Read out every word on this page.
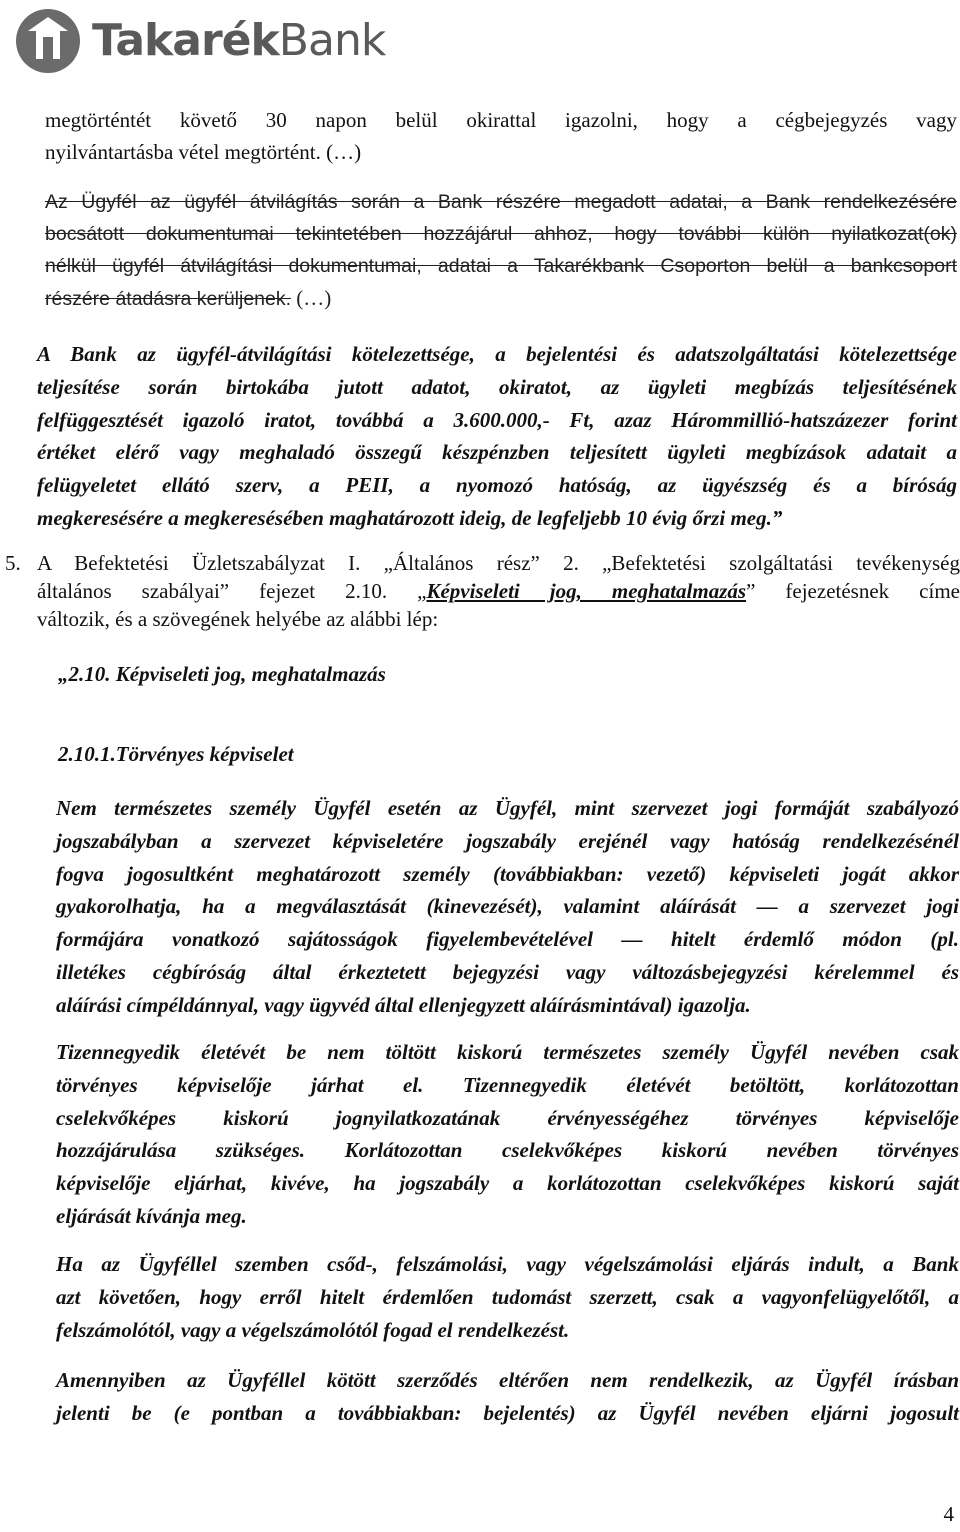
TakarékBank
megtörténtét követő 30 napon belül okirattal igazolni, hogy a cégbejegyzés vagy
nyilvántartásba vétel megtörtént. (…)
Az Ügyfél az ügyfél átvilágítás során a Bank részére megadott adatai, a Bank rendelkezésére
bocsátott dokumentumai tekintetében hozzájárul ahhoz, hogy további külön nyilatkozat(ok)
nélkül ügyfél átvilágítási dokumentumai, adatai a Takarékbank Csoporton belül a bankcsoport
részére átadásra kerüljenek. (…)
A Bank az ügyfél-átvilágítási kötelezettsége, a bejelentési és adatszolgáltatási kötelezettsége
teljesítése során birtokába jutott adatot, okiratot, az ügyleti megbízás teljesítésének
felfüggesztését igazoló iratot, továbbá a 3.600.000,- Ft, azaz Hárommillió-hatszázezer forint
értéket elérő vagy meghaladó összegű készpénzben teljesített ügyleti megbízások adatait a
felügyeletet ellátó szerv, a PEII, a nyomozó hatóság, az ügyészség és a bíróság
megkeresésére a megkeresésében maghatározott ideig, de legfeljebb 10 évig őrzi meg.”
5. A Befektetési Üzletszabályzat I. „Általános rész” 2. „Befektetési szolgáltatási tevékenység
általános szabályai” fejezet 2.10. „Képviseleti jog, meghatalmazás” fejezetésnek címe
változik, és a szövegének helyébe az alábbi lép:
„2.10. Képviseleti jog, meghatalmazás
2.10.1.Törvényes képviselet
Nem természetes személy Ügyfél esetén az Ügyfél, mint szervezet jogi formáját szabályozó
jogszabályban a szervezet képviseletére jogszabály erejénél vagy hatóság rendelkezésénél
fogva jogosultként meghatározott személy (továbbiakban: vezető) képviseleti jogát akkor
gyakorolhatja, ha a megválasztását (kinevezését), valamint aláírását — a szervezet jogi
formájára vonatkozó sajátosságok figyelembevételével — hitelt érdemlő módon (pl.
illetékes cégbíróság által érkeztetett bejegyzési vagy változásbejegyzési kérelemmel és
aláírási címpéldánnyal, vagy ügyvéd által ellenjegyzett aláírásmintával) igazolja.
Tizennegyedik életévét be nem töltött kiskorú természetes személy Ügyfél nevében csak
törvényes képviselője járhat el. Tizennegyedik életévét betöltött, korlátozottan
cselekvőképes kiskorú jognyilatkozatának érvényességéhez törvényes képviselője
hozzájárulása szükséges. Korlátozottan cselekvőképes kiskorú nevében törvényes
képviselője eljárhat, kivéve, ha jogszabály a korlátozottan cselekvőképes kiskorú saját
eljárását kívánja meg.
Ha az Ügyféllel szemben csőd-, felszámolási, vagy végelszámolási eljárás indult, a Bank
azt követően, hogy erről hitelt érdemlően tudomást szerzett, csak a vagyonfelügyelőtől, a
felszámolótól, vagy a végelszámolótól fogad el rendelkezést.
Amennyiben az Ügyféllel kötött szerződés eltérően nem rendelkezik, az Ügyfél írásban
jelenti be (e pontban a továbbiakban: bejelentés) az Ügyfél nevében eljárni jogosult
4
